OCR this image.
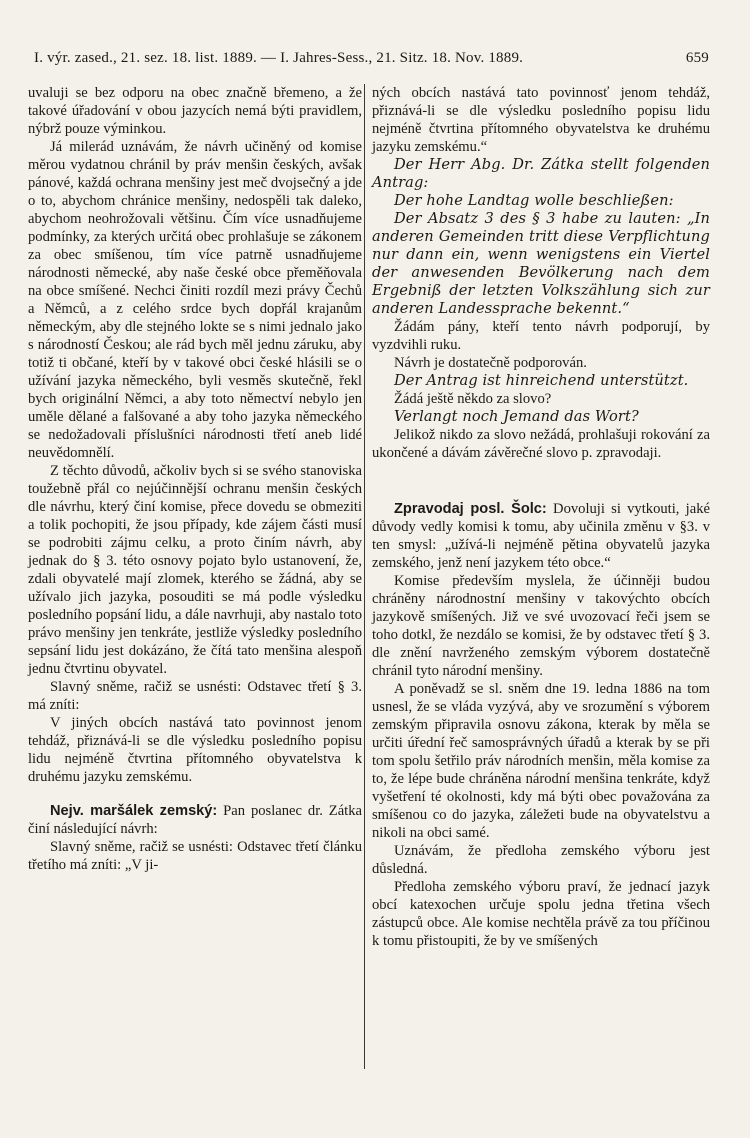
I. výr. zased., 21. sez. 18. list. 1889. — I. Jahres-Sess., 21. Sitz. 18. Nov. 1889.	659

uvaluji se bez odporu na obec značně břemeno, a že takové úřadování v obou jazycích nemá býti pravidlem, nýbrž pouze výminkou.

Já milerád uznávám, že návrh učiněný od komise měrou vydatnou chránil by práv menšin českých, avšak pánové, každá ochrana menšiny jest meč dvojsečný a jde o to, abychom chránice menšiny, nedospěli tak daleko, abychom neohrožovali většinu. Čím více usnadňujeme podmínky, za kterých určitá obec prohlašuje se zákonem za obec smíšenou, tím více patrně usnadňujeme národnosti německé, aby naše české obce přeměňovala na obce smíšené. Nechci činiti rozdíl mezi právy Čechů a Němců, a z celého srdce bych dopřál krajanům německým, aby dle stejného lokte se s nimi jednalo jako s národností Českou; ale rád bych měl jednu záruku, aby totiž ti občané, kteří by v takové obci české hlásili se o užívání jazyka německého, byli vesměs skutečně, řekl bych originální Němci, a aby toto němectví nebylo jen uměle dělané a falšované a aby toho jazyka německého se nedožadovali příslušníci národnosti třetí aneb lidé neuvědomnělí.

Z těchto důvodů, ačkoliv bych si se svého stanoviska toužebně přál co nejúčinnější ochranu menšin českých dle návrhu, který činí komise, přece dovedu se obmeziti a tolik pochopiti, že jsou případy, kde zájem části musí se podrobiti zájmu celku, a proto činím návrh, aby jednak do § 3. této osnovy pojato bylo ustanovení, že, zdali obyvatelé mají zlomek, kterého se žádná, aby se užívalo jich jazyka, posouditi se má podle výsledku posledního popsání lidu, a dále navrhuji, aby nastalo toto právo menšiny jen tenkráte, jestliže výsledky posledního sepsání lidu jest dokázáno, že čítá tato menšina alespoň jednu čtvrtinu obyvatel.

Slavný sněme, račiž se usnésti: Odstavec třetí § 3. má zníti:

V jiných obcích nastává tato povinnost jenom tehdáž, přiznává-li se dle výsledku posledního popisu lidu nejméně čtvrtina přítomného obyvatelstva k druhému jazyku zemskému.

Nejv. maršálek zemský: Pan poslanec dr. Zátka činí následující návrh:

Slavný sněme, račiž se usnésti: Odstavec třetí článku třetího má zníti: „V ji-

ných obcích nastává tato povinnosť jenom tehdáž, přiznává-li se dle výsledku posledního popisu lidu nejméně čtvrtina přítomného obyvatelstva ke druhému jazyku zemskému.“

Der Herr Abg. Dr. Zátka stellt folgenden Antrag:

Der hohe Landtag wolle beschließen:

Der Absatz 3 des § 3 habe zu lauten: „In anderen Gemeinden tritt diese Verpflichtung nur dann ein, wenn wenigstens ein Viertel der anwesenden Bevölkerung nach dem Ergebniß der letzten Volkszählung sich zur anderen Landessprache bekennt.“

Žádám pány, kteří tento návrh podporují, by vyzdvihli ruku.

Návrh je dostatečně podporován.

Der Antrag ist hinreichend unterstützt.

Žádá ještě někdo za slovo?

Verlangt noch Jemand das Wort?

Jelikož nikdo za slovo nežádá, prohlašuji rokování za ukončené a dávám závěrečné slovo p. zpravodaji.

Zpravodaj posl. Šolc: Dovoluji si vytkouti, jaké důvody vedly komisi k tomu, aby učinila změnu v §3. v ten smysl: „užívá-li nejméně pětina obyvatelů jazyka zemského, jenž není jazykem této obce.“

Komise především myslela, že účinněji budou chráněny národnostní menšiny v takovýchto obcích jazykově smíšených. Již ve své uvozovací řeči jsem se toho dotkl, že nezdálo se komisi, že by odstavec třetí § 3. dle znění navrženého zemským výborem dostatečně chránil tyto národní menšiny.

A poněvadž se sl. sněm dne 19. ledna 1886 na tom usnesl, že se vláda vyzývá, aby ve srozumění s výborem zemským připravila osnovu zákona, kterak by měla se určiti úřední řeč samosprávných úřadů a kterak by se při tom spolu šetřilo práv národních menšin, měla komise za to, že lépe bude chráněna národní menšina tenkráte, když vyšetření té okolnosti, kdy má býti obec považována za smíšenou co do jazyka, záležeti bude na obyvatelstvu a nikoli na obci samé.

Uznávám, že předloha zemského výboru jest důsledná.

Předloha zemského výboru praví, že jednací jazyk obcí katexochen určuje spolu jedna třetina všech zástupců obce. Ale komise nechtěla právě za tou příčinou k tomu přistoupiti, že by ve smíšených
